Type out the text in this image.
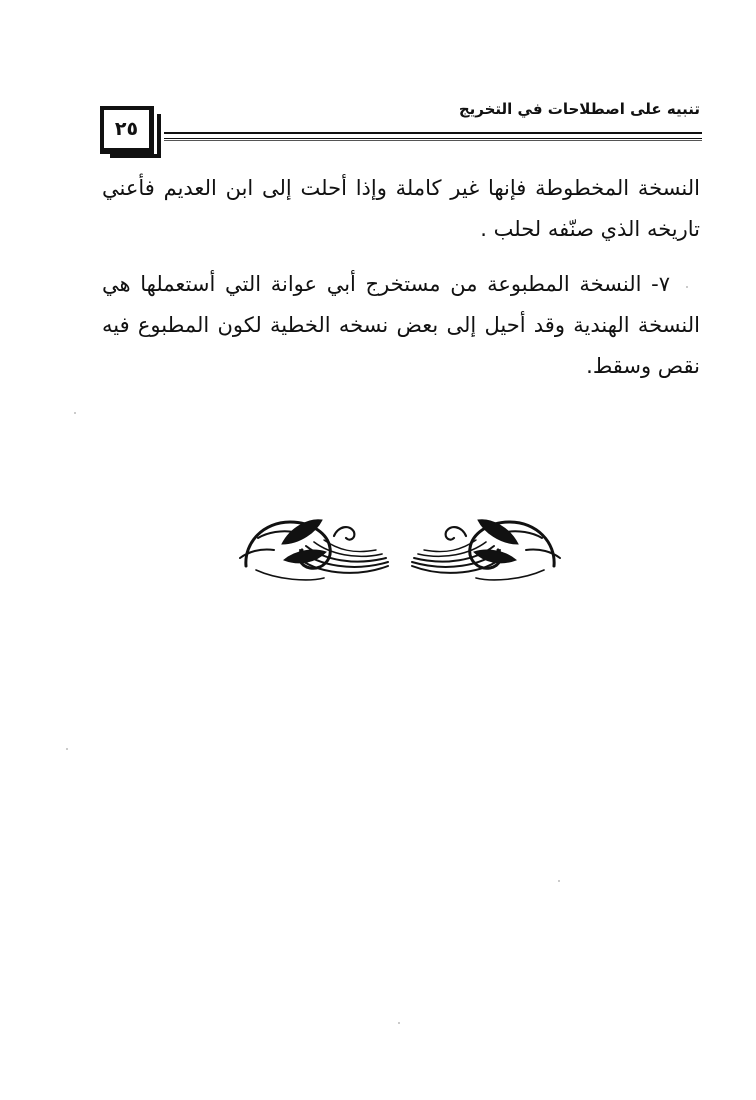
٢٥
تنبيه على اصطلاحات في التخريج

النسخة المخطوطة فإنها غير كاملة وإذا أحلت إلى ابن العديم فأعني تاريخه الذي صنّفه لحلب .

٧- النسخة المطبوعة من مستخرج أبي عوانة التي أستعملها هي النسخة الهندية وقد أحيل إلى بعض نسخه الخطية لكون المطبوع فيه نقص وسقط.
